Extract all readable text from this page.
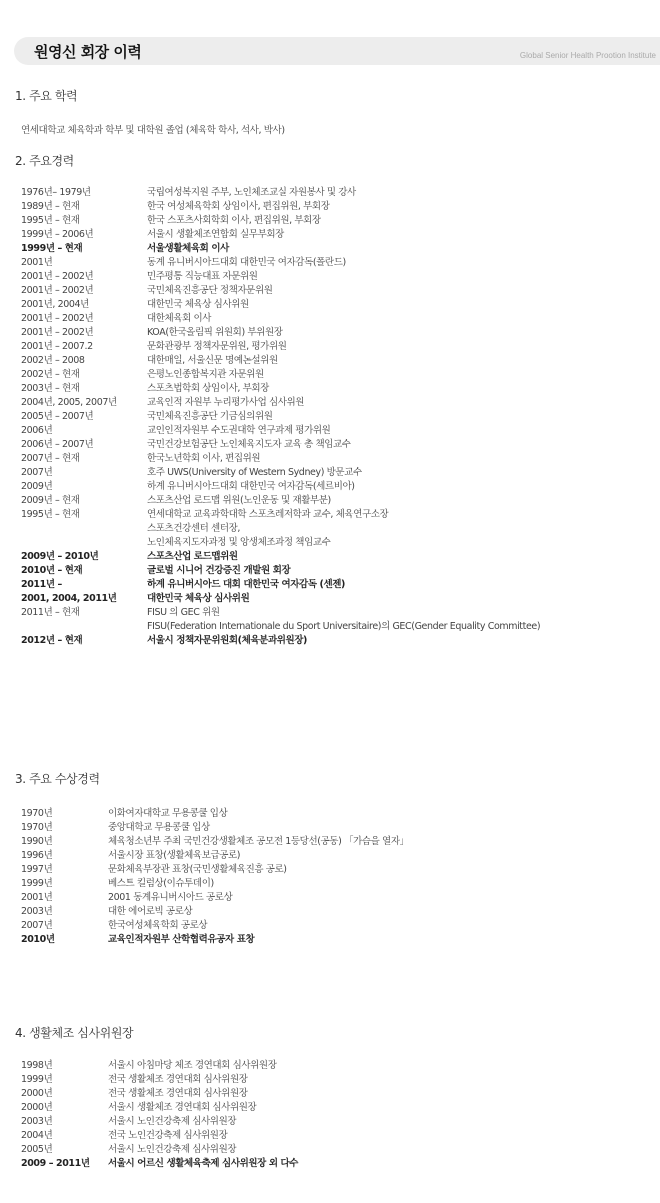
원영신 회장 이력	Global Senior Health Prootion Institute
1. 주요 학력
연세대학교 체육학과 학부 및 대학원 졸업 (체육학 학사, 석사, 박사)
2. 주요경력
1976년– 1979년	국립여성복지원 주부, 노인체조교실 자원봉사 및 강사
1989년 – 현재	한국 여성체육학회 상임이사, 편집위원, 부회장
1995년 – 현재	한국 스포츠사회학회 이사, 편집위원, 부회장
1999년 – 2006년	서울시 생활체조연합회 실무부회장
1999년 – 현재	서울생활체육회 이사
2001년	동계 유니버시아드대회 대한민국 여자감독(폴란드)
2001년 – 2002년	민주평통 직능대표 자문위원
2001년 – 2002년	국민체육진흥공단 정책자문위원
2001년, 2004년	대한민국 체육상 심사위원
2001년 – 2002년	대한체육회 이사
2001년 – 2002년	KOA(한국올림픽 위원회) 부위원장
2001년 – 2007.2	문화관광부 정책자문위원, 평가위원
2002년 – 2008	대한매일, 서울신문 명예논설위원
2002년 – 현재	은평노인종합복지관 자문위원
2003년 – 현재	스포츠법학회 상임이사, 부회장
2004년, 2005, 2007년	교육인적 자원부 누리평가사업 심사위원
2005년 – 2007년	국민체육진흥공단 기금심의위원
2006년	교인인적자원부 수도권대학 연구과제 평가위원
2006년 – 2007년	국민건강보험공단 노인체육지도자 교육 총 책임교수
2007년 – 현재	한국노년학회 이사, 편집위원
2007년	호주 UWS(University of Western Sydney) 방문교수
2009년	하계 유니버시아드대회 대한민국 여자감독(세르비아)
2009년 – 현재	스포츠산업 로드맵 위원(노인운동 및 재활부분)
1995년 – 현재	연세대학교 교육과학대학 스포츠레저학과 교수, 체육연구소장
스포츠건강센터 센터장,
노인체육지도자과정 및 앙생체조과정 책임교수
2009년 – 2010년	스포츠산업 로드맵위원
2010년 – 현재	글로벌 시니어 건강증진 개발원 회장
2011년 –	하계 유니버시아드 대회 대한민국 여자감독 (센젠)
2001, 2004, 2011년	대한민국 체육상 심사위원
2011년 – 현재	FISU 의 GEC 위원
FISU(Federation Internationale du Sport Universitaire)의 GEC(Gender Equality Committee)
2012년 – 현재	서울시 정책자문위원회(체육분과위원장)
3. 주요 수상경력
1970년	이화여자대학교 무용콩쿨 입상
1970년	중앙대학교 무용콩쿨 입상
1990년	체육청소년부 주최 국민건강생활체조 공모전 1등당선(공동) 「가슴을 열자」
1996년	서울시장 표창(생활체육보급공로)
1997년	문화체육부장관 표창(국민생활체육진흥 공로)
1999년	베스트 킬럼상(이슈투데이)
2001년	2001 동계유니버시아드 공로상
2003년	대한 에어로빅 공로상
2007년	한국여성체육학회 공로상
2010년	교육인적자원부 산학협력유공자 표창
4. 생활체조 심사위원장
1998년	서울시 아침마당 체조 경연대회 심사위원장
1999년	전국 생활체조 경연대회 심사위원장
2000년	전국 생활체조 경연대회 심사위원장
2000년	서울시 생활체조 경연대회 심사위원장
2003년	서울시 노인건강축제 심사위원장
2004년	전국 노인건강축제 심사위원장
2005년	서울시 노인건강축제 심사위원장
2009 – 2011년	서울시 어르신 생활체육축제 심사위원장 외 다수
